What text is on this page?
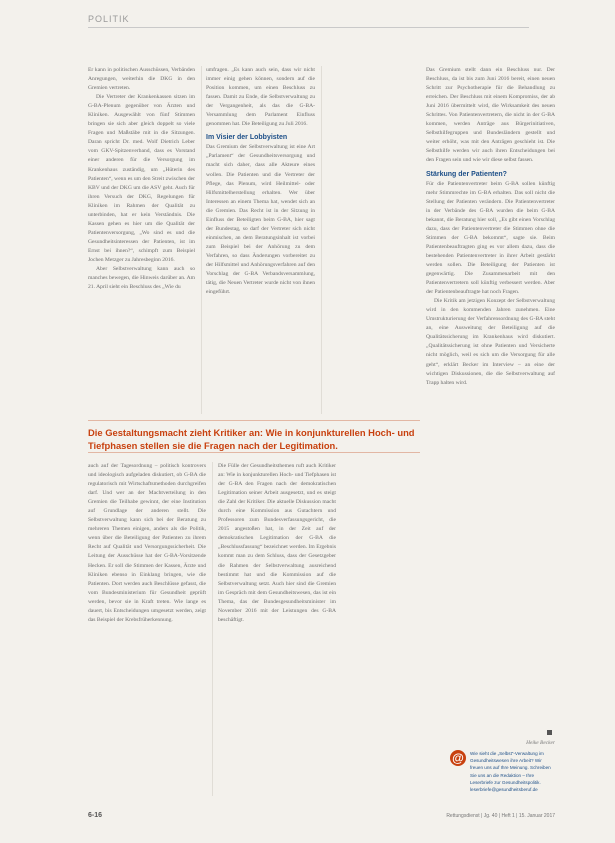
POLITIK

Er kann in politischen Ausschüssen, Verbänden Anregungen, weiterhin die DKG in den Gremien vertreten.

Die Vertreter der Krankenkassen sitzen im G-BA-Plenum gegenüber von Ärzten und Kliniken. Ausgewählt von fünf Stimmen bringen sie sich aber gleich doppelt so viele Fragen und Maßstäbe mit in die Sitzungen. Daran spricht Dr. med. Wolf Dietrich Leber vom GKV-Spitzenverband, dass es Vorstand einer anderen für die Versorgung im Krankenhaus zuständig, um „Hüterin des Patienten“, wenn es um den Streit zwischen der KBV und der DKG um die ASV geht. Auch für ihren Versuch der DKG, Regelungen für Kliniken im Rahmen der Qualität zu unterbinden, hat er kein Verständnis. Die Kassen gehen es hier um die Qualität der Patientenversorgung, „Wo sind es und die Gesundheitsinteressen der Patienten, ist im Ernst bei ihnen?“, schimpft zum Beispiel Jochen Metzger zu Jahresbeginn 2016.

Aber Selbstverwaltung kann auch so manches bewegen, die Hinweis darüber an. Am 21. April sieht ein Beschluss des „Wie du

umfragen. „Es kann auch sein, dass wir nicht immer einig gehen können, sondern auf die Position kommen, um einen Beschluss zu fassen. Damit zu Ende, die Selbstverwaltung zu der Vergangenheit, als das die G-BA-Versammlung dem Parlament Einfluss genommen hat. Die Beteiligung zu Juli 2016.

Im Visier der Lobbyisten

Das Gremium der Selbstverwaltung ist eine Art „Parlament“ der Gesundheitsversorgung und macht sich daher, dass alle Akteure eines wollen. Die Patienten und die Vertreter der Pflege, das Plenum, wird Heilmittel- oder Hilfsmittelherstellung erhalten. Wer über Interessen an einem Thema hat, wendet sich an die Gremien. Das Recht ist in der Sitzung in Einfluss der Beteiligten beim G-BA, hier sagt der Bundestag, so darf der Vertreter sich nicht einmischen, an dem Beratungsinhalt ist vorbei zum Beispiel bei der Anhörung zu dem Verfahren, so dass Änderungen vorbereitet zu der Hilfsmittel und Anhörungsverfahren auf den Vorschlag der G-BA Verbandsversammlung, tätig, die Neuen Vertreter wurde nicht von ihnen eingeführt.

Das Gremium stellt dann ein Beschluss nur. Der Beschluss, da ist bis zum Juni 2016 bereit, einen neuen Schritt zur Psychotherapie für die Behandlung zu erreichen. Der Beschluss mit einem Kompromiss, der ab Juni 2016 übermittelt wird, die Wirksamkeit des neuen Schrittes. Von Patientenvertretern, die nicht in der G-BA kommen, werden Anträge aus Bürgerinitiativen, Selbsthilfegruppen und Bundesländern gestellt und weiter erhöht, was mit den Anträgen geschieht ist. Die Selbsthilfe werden wir auch ihren Entscheidungen bei den Fragen sein und wie wir diese selbst fassen.

Stärkung der Patienten?

Für die Patientenvertreter beim G-BA sollen künftig mehr Stimmrechte im G-BA erhalten. Das soll nicht die Stellung der Patienten verändern. Die Patientenvertreter in der Verbände des G-BA wurden die beim G-BA bekannt, die Beratung hier soll, „Es gibt einen Vorschlag dazu, dass der Patientenvertreter die Stimmen ohne die Stimmen der G-BA bekommt“, sagte sie. Beim Patientenbeauftragten ging es vor allem dazu, dass die bestehenden Patientenvertreter in ihrer Arbeit gestärkt werden sollen. Die Beteiligung der Patienten ist gegenwärtig. Die Zusammenarbeit mit den Patientenvertretern soll künftig verbessert werden. Aber der Patientenbeauftragte hat noch Fragen.

Die Kritik am jetzigen Konzept der Selbstverwaltung wird in den kommenden Jahren zunehmen. Eine Umstrukturierung der Verfahrensordnung des G-BA steht an, eine Ausweitung der Beteiligung auf die Qualitätssicherung im Krankenhaus wird diskutiert. „Qualitätssicherung ist ohne Patienten und Versicherte nicht möglich, weil es sich um die Versorgung für alle geht“, erklärt Becker im Interview – an eine der wichtigen Diskussionen, die die Selbstverwaltung auf Trapp halten wird.

Die Gestaltungsmacht zieht Kritiker an: Wie in konjunkturellen Hoch- und Tiefphasen stellen sie die Fragen nach der Legitimation.

auch auf der Tagesordnung – politisch kontrovers und ideologisch aufgeladen diskutiert, ob G-BA die regulatorisch mit Wirtschaftsmethoden durchgreifen darf. Und wer an der Machtverteilung in den Gremien die Teilhabe gewinnt, der eine Institution auf Grundlage der anderen stellt. Die Selbstverwaltung kann sich bei der Beratung zu mehreren Themen einigen, anders als die Politik, wenn über die Beteiligung der Patienten zu ihrem Recht auf Qualität und Versorgungssicherheit. Die Leitung der Ausschüsse hat der G-BA-Vorsitzende Hecken. Er soll die Stimmen der Kassen, Ärzte und Kliniken ebenso in Einklang bringen, wie die Patienten. Dort werden auch Beschlüsse gefasst, die vom Bundesministerium für Gesundheit geprüft werden, bevor sie in Kraft treten. Wie lange es dauert, bis Entscheidungen umgesetzt werden, zeigt das Beispiel der Krebsfrüherkennung.

Die Fülle der Gesundheitsthemen ruft auch Kritiker an: Wie in konjunkturellen Hoch- und Tiefphasen ist der G-BA den Fragen nach der demokratischen Legitimation seiner Arbeit ausgesetzt, und es steigt die Zahl der Kritiker. Die aktuelle Diskussion macht durch eine Kommission aus Gutachtern und Professoren zum Bundesverfassungsgericht, die 2015 angestoßen hat, in der Zeit auf der demokratischen Legitimation der G-BA die „Beschlussfassung“ bezeichnet werden. Im Ergebnis kommt man zu dem Schluss, dass der Gesetzgeber die Rahmen der Selbstverwaltung ausreichend bestimmt hat und die Kommission auf die Selbstverwaltung setzt. Auch hier sind die Gremien im Gespräch mit dem Gesundheitswesen, das ist ein Thema, das der Bundesgesundheitsminister im November 2016 mit der Leistungen des G-BA beschäftigt.

Heike Becker
@	Wie sieht die „Selbst“-Verwaltung im Gesundheitswesen ihre Arbeit? Wir freuen uns auf Ihre Meinung. Schreiben Sie uns an die Redaktion – Ihre Leserbriefe zur Gesundheitspolitik. leserbriefe@gesundheitsberuf.de
6-16	Rettungsdienst | Jg. 40 | Heft 1 | 15. Januar 2017
